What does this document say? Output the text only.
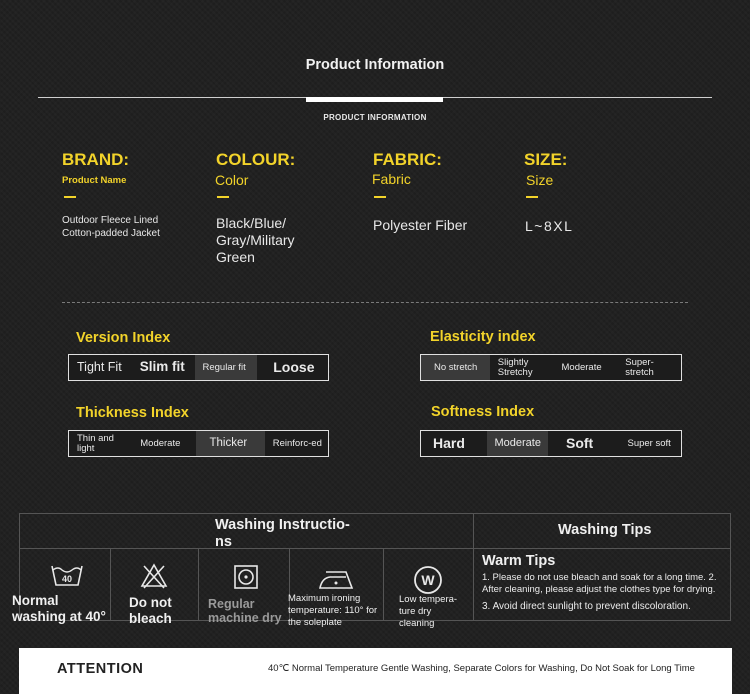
Product Information
PRODUCT INFORMATION
BRAND:
Product Name
Outdoor Fleece Lined Cotton-padded Jacket
COLOUR:
Color
Black/Blue/ Gray/Military Green
FABRIC:
Fabric
Polyester Fiber
SIZE:
Size
L~8XL
Version Index
Tight Fit	Slim fit	Regular fit	Loose
Elasticity index
No stretch	Slightly Stretchy	Moderate	Super-stretch
Thickness Index
Thin and light	Moderate	Thicker	Reinforc-ed
Softness Index
Hard	Moderate	Soft	Super soft
Washing Instructio-ns
Washing Tips
40
Normal washing at 40°
Do not bleach
Regular machine dry
Maximum ironing temperature: 110° for the soleplate
W
Low tempera-ture dry cleaning
Warm Tips
1. Please do not use bleach and soak for a long time. 2. After cleaning, please adjust the clothes type for drying.
3. Avoid direct sunlight to prevent discoloration.
ATTENTION	40℃ Normal Temperature Gentle Washing, Separate Colors for Washing, Do Not Soak for Long Time
